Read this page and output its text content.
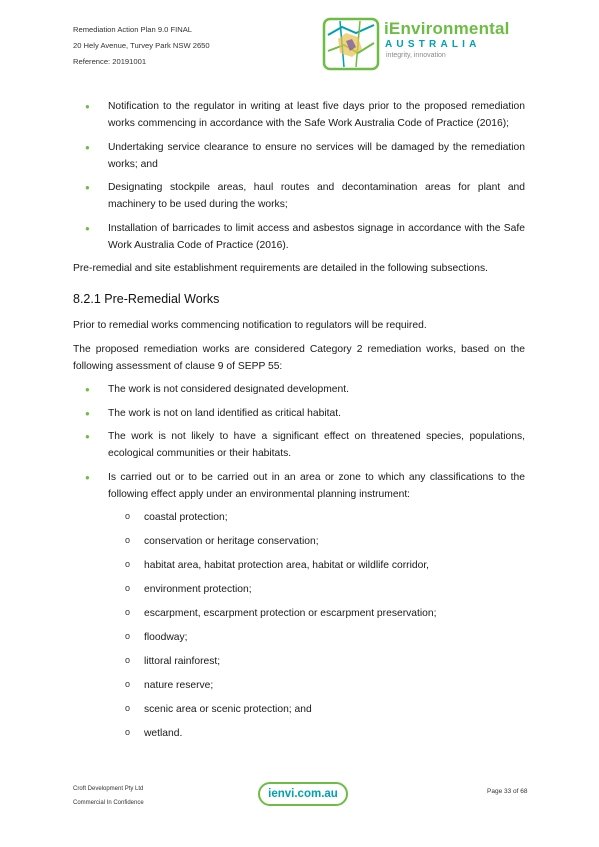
Remediation Action Plan 9.0 FINAL
20 Hely Avenue, Turvey Park NSW 2650
Reference: 20191001
iEnvironmental
AUSTRALIA
integrity, innovation
● Notification to the regulator in writing at least five days prior to the proposed remediation works commencing in accordance with the Safe Work Australia Code of Practice (2016);
● Undertaking service clearance to ensure no services will be damaged by the remediation works; and
● Designating stockpile areas, haul routes and decontamination areas for plant and machinery to be used during the works;
● Installation of barricades to limit access and asbestos signage in accordance with the Safe Work Australia Code of Practice (2016).

Pre-remedial and site establishment requirements are detailed in the following subsections.

8.2.1 Pre-Remedial Works

Prior to remedial works commencing notification to regulators will be required.

The proposed remediation works are considered Category 2 remediation works, based on the following assessment of clause 9 of SEPP 55:

● The work is not considered designated development.
● The work is not on land identified as critical habitat.
● The work is not likely to have a significant effect on threatened species, populations, ecological communities or their habitats.
● Is carried out or to be carried out in an area or zone to which any classifications to the following effect apply under an environmental planning instrument:
o coastal protection;
o conservation or heritage conservation;
o habitat area, habitat protection area, habitat or wildlife corridor,
o environment protection;
o escarpment, escarpment protection or escarpment preservation;
o floodway;
o littoral rainforest;
o nature reserve;
o scenic area or scenic protection; and
o wetland.
Croft Development Pty Ltd
Commercial In Confidence
ienvi.com.au	Page 33 of 68
